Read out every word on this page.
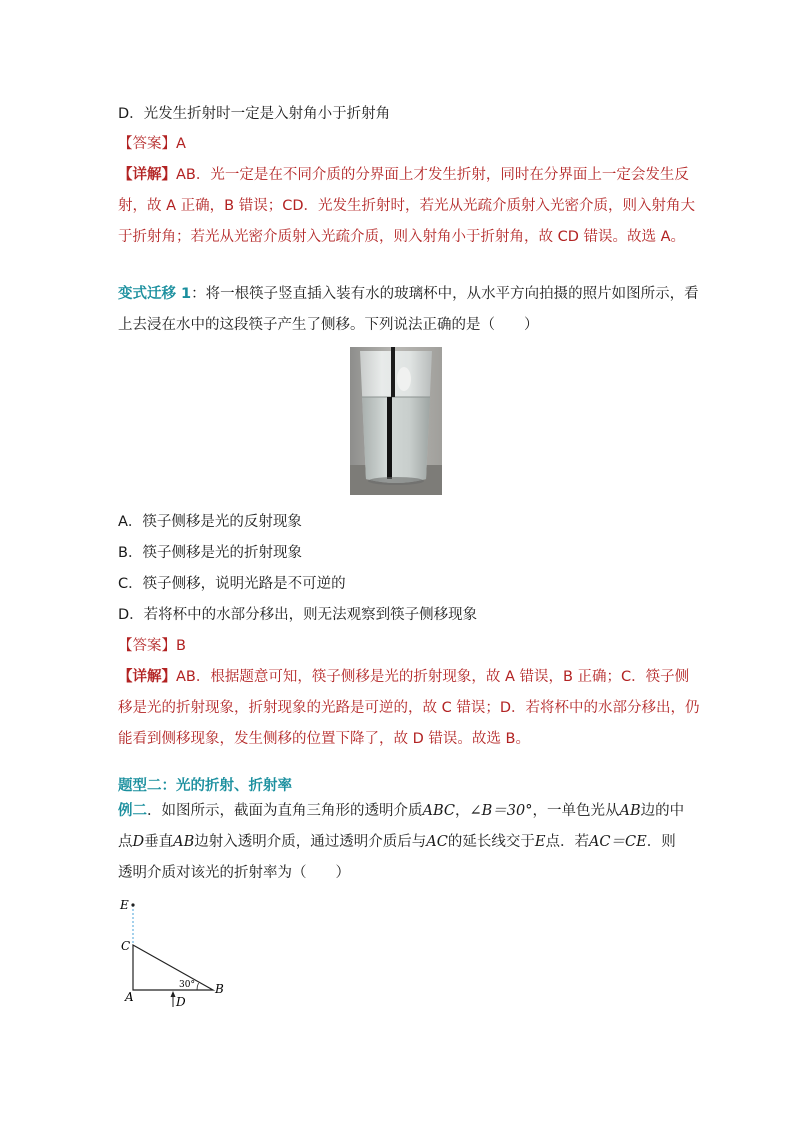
D．光发生折射时一定是入射角小于折射角
【答案】A
【详解】AB．光一定是在不同介质的分界面上才发生折射，同时在分界面上一定会发生反
射，故 A 正确，B 错误；CD．光发生折射时，若光从光疏介质射入光密介质，则入射角大
于折射角；若光从光密介质射入光疏介质，则入射角小于折射角，故 CD 错误。故选 A。
变式迁移 1：将一根筷子竖直插入装有水的玻璃杯中，从水平方向拍摄的照片如图所示，看
上去浸在水中的这段筷子产生了侧移。下列说法正确的是（　　）
A．筷子侧移是光的反射现象
B．筷子侧移是光的折射现象
C．筷子侧移，说明光路是不可逆的
D．若将杯中的水部分移出，则无法观察到筷子侧移现象
【答案】B
【详解】AB．根据题意可知，筷子侧移是光的折射现象，故 A 错误，B 正确；C．筷子侧
移是光的折射现象，折射现象的光路是可逆的，故 C 错误；D．若将杯中的水部分移出，仍
能看到侧移现象，发生侧移的位置下降了，故 D 错误。故选 B。
题型二：光的折射、折射率
例二．如图所示，截面为直角三角形的透明介质ABC，∠B＝30°，一单色光从AB边的中
点D垂直AB边射入透明介质，通过透明介质后与AC的延长线交于E点．若AC＝CE．则
透明介质对该光的折射率为（　　）
E
C
A
B
D
30°
